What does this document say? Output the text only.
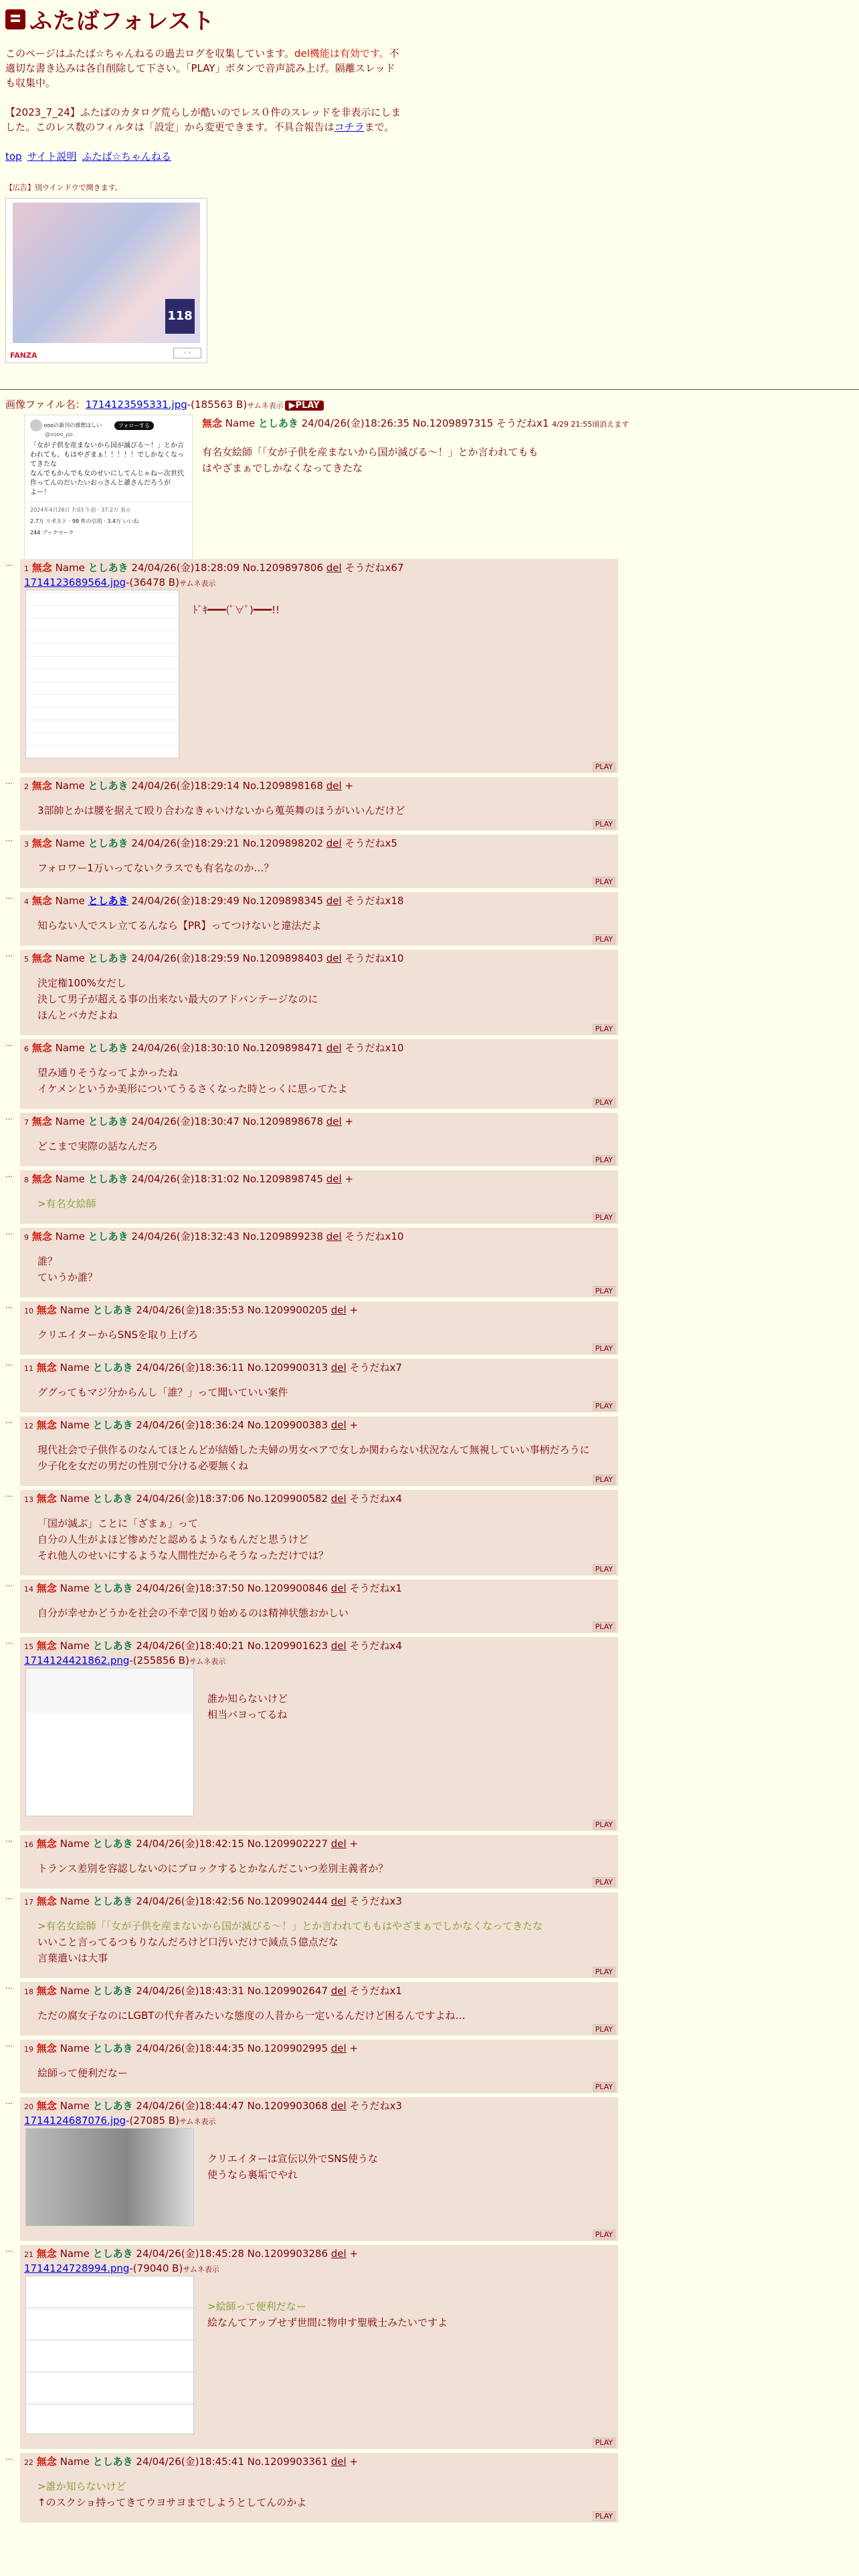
ふたばフォレスト

このページはふたば☆ちゃんねるの過去ログを収集しています。del機能は有効です。不適切な書き込みは各自削除して下さい。「PLAY」ボタンで音声読み上げ。隔離スレッドも収集中。

【2023_7_24】ふたばのカタログ荒らしが酷いのでレス０件のスレッドを非表示にしました。このレス数のフィルタは「設定」から変更できます。不具合報告はコチラまで。

top サイト説明 ふたば☆ちゃんねる
【広告】別ウインドウで開きます。
118
FANZA	‹ ›
画像ファイル名：1714123595331.jpg-(185563 B)サムネ表示 ▶PLAY
oooの新刊の感想ほしい	フォローする
@oooo_pp
「女が子供を産まないから国が滅びる〜！」とか言われても、もはやざまぁ！！！！！でしかなくなってきたな
なんでもかんでも女のせいにしてんじゃねー次世代作ってんのだいたいおっさんと爺さんだろうが
よー！
2024年4月26日 7:03 午前 · 37.2万 表示
2.7万 リポスト · 98 件の引用 · 3.4万 いいね
244 ブックマーク
無念 Name としあき 24/04/26(金)18:26:35 No.1209897315 そうだねx1 4/29 21:55頃消えます
有名女絵師「「女が子供を産まないから国が滅びる〜！」とか言われてもも
はやざまぁでしかなくなってきたな
…
1 無念 Name としあき 24/04/26(金)18:28:09 No.1209897806 del そうだねx67
1714123689564.jpg-(36478 B)サムネ表示
ﾄﾞｷ━━━(ﾟ∀ﾟ)━━━!!
PLAY
…
2 無念 Name としあき 24/04/26(金)18:29:14 No.1209898168 del +
3部帥とかは腰を据えて殴り合わなきゃいけないから蒐英舞のほうがいいんだけど
PLAY
…
3 無念 Name としあき 24/04/26(金)18:29:21 No.1209898202 del そうだねx5
フォロワー1万いってないクラスでも有名なのか…？
PLAY
…
4 無念 Name としあき 24/04/26(金)18:29:49 No.1209898345 del そうだねx18
知らない人でスレ立てるんなら【PR】ってつけないと違法だよ
PLAY
…
5 無念 Name としあき 24/04/26(金)18:29:59 No.1209898403 del そうだねx10
決定権100%女だし
決して男子が超える事の出来ない最大のアドバンテージなのに
ほんとバカだよね
PLAY
…
6 無念 Name としあき 24/04/26(金)18:30:10 No.1209898471 del そうだねx10
望み通りそうなってよかったね
イケメンというか美形についてうるさくなった時とっくに思ってたよ
PLAY
…
7 無念 Name としあき 24/04/26(金)18:30:47 No.1209898678 del +
どこまで実際の話なんだろ
PLAY
…
8 無念 Name としあき 24/04/26(金)18:31:02 No.1209898745 del +
>有名女絵師
PLAY
…
9 無念 Name としあき 24/04/26(金)18:32:43 No.1209899238 del そうだねx10
誰？
ていうか誰？
PLAY
…
10 無念 Name としあき 24/04/26(金)18:35:53 No.1209900205 del +
クリエイターからSNSを取り上げろ
PLAY
…
11 無念 Name としあき 24/04/26(金)18:36:11 No.1209900313 del そうだねx7
ググってもマジ分からんし「誰？」って聞いていい案件
PLAY
…
12 無念 Name としあき 24/04/26(金)18:36:24 No.1209900383 del +
現代社会で子供作るのなんてほとんどが結婚した夫婦の男女ペアで女しか関わらない状況なんて無視していい事柄だろうに
少子化を女だの男だの性別で分ける必要無くね
PLAY
…
13 無念 Name としあき 24/04/26(金)18:37:06 No.1209900582 del そうだねx4
「国が滅ぶ」ことに「ざまぁ」って
自分の人生がよほど惨めだと認めるようなもんだと思うけど
それ他人のせいにするような人間性だからそうなっただけでは？
PLAY
…
14 無念 Name としあき 24/04/26(金)18:37:50 No.1209900846 del そうだねx1
自分が幸せかどうかを社会の不幸で図り始めるのは精神状態おかしい
PLAY
…
15 無念 Name としあき 24/04/26(金)18:40:21 No.1209901623 del そうだねx4
1714124421862.png-(255856 B)サムネ表示
誰か知らないけど
相当バヨってるね
PLAY
…
16 無念 Name としあき 24/04/26(金)18:42:15 No.1209902227 del +
トランス差別を容認しないのにブロックするとかなんだこいつ差別主義者か？
PLAY
…
17 無念 Name としあき 24/04/26(金)18:42:56 No.1209902444 del そうだねx3
>有名女絵師「「女が子供を産まないから国が滅びる〜！」とか言われてももはやざまぁでしかなくなってきたな
いいこと言ってるつもりなんだろけど口汚いだけで減点５億点だな
言葉遣いは大事
PLAY
…
18 無念 Name としあき 24/04/26(金)18:43:31 No.1209902647 del そうだねx1
ただの腐女子なのにLGBTの代弁者みたいな態度の人昔から一定いるんだけど困るんですよね…
PLAY
…
19 無念 Name としあき 24/04/26(金)18:44:35 No.1209902995 del +
絵師って便利だなー
PLAY
…
20 無念 Name としあき 24/04/26(金)18:44:47 No.1209903068 del そうだねx3
1714124687076.jpg-(27085 B)サムネ表示
クリエイターは宣伝以外でSNS使うな
使うなら裏垢でやれ
PLAY
…
21 無念 Name としあき 24/04/26(金)18:45:28 No.1209903286 del +
1714124728994.png-(79040 B)サムネ表示
>絵師って便利だなー
絵なんてアップせず世間に物申す聖戦士みたいですよ
PLAY
…
22 無念 Name としあき 24/04/26(金)18:45:41 No.1209903361 del +
>誰か知らないけど
↑のスクショ持ってきてウヨサヨまでしようとしてんのかよ
PLAY
